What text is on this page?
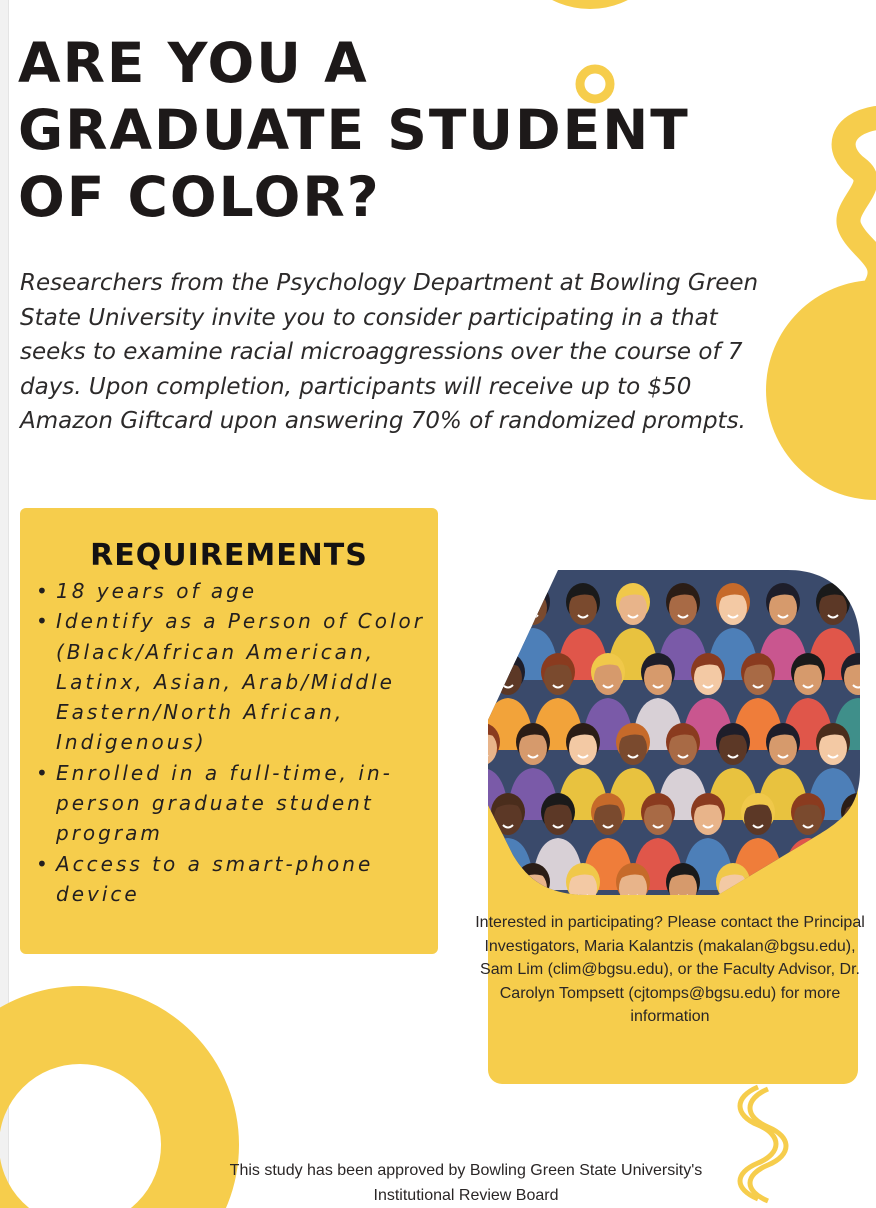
ARE YOU A
GRADUATE STUDENT
OF COLOR?

Researchers from the Psychology Department at Bowling Green State University invite you to consider participating in a that seeks to examine racial microaggressions over the course of 7 days. Upon completion, participants will receive up to $50 Amazon Giftcard upon answering 70% of randomized prompts.

REQUIREMENTS
• 18 years of age
• Identify as a Person of Color (Black/African American, Latinx, Asian, Arab/Middle Eastern/North African, Indigenous)
• Enrolled in a full-time, in-person graduate student program
• Access to a smart-phone device

Interested in participating? Please contact the Principal Investigators, Maria Kalantzis (makalan@bgsu.edu), Sam Lim (clim@bgsu.edu), or the Faculty Advisor, Dr. Carolyn Tompsett (cjtomps@bgsu.edu) for more information

This study has been approved by Bowling Green State University's
Institutional Review Board
